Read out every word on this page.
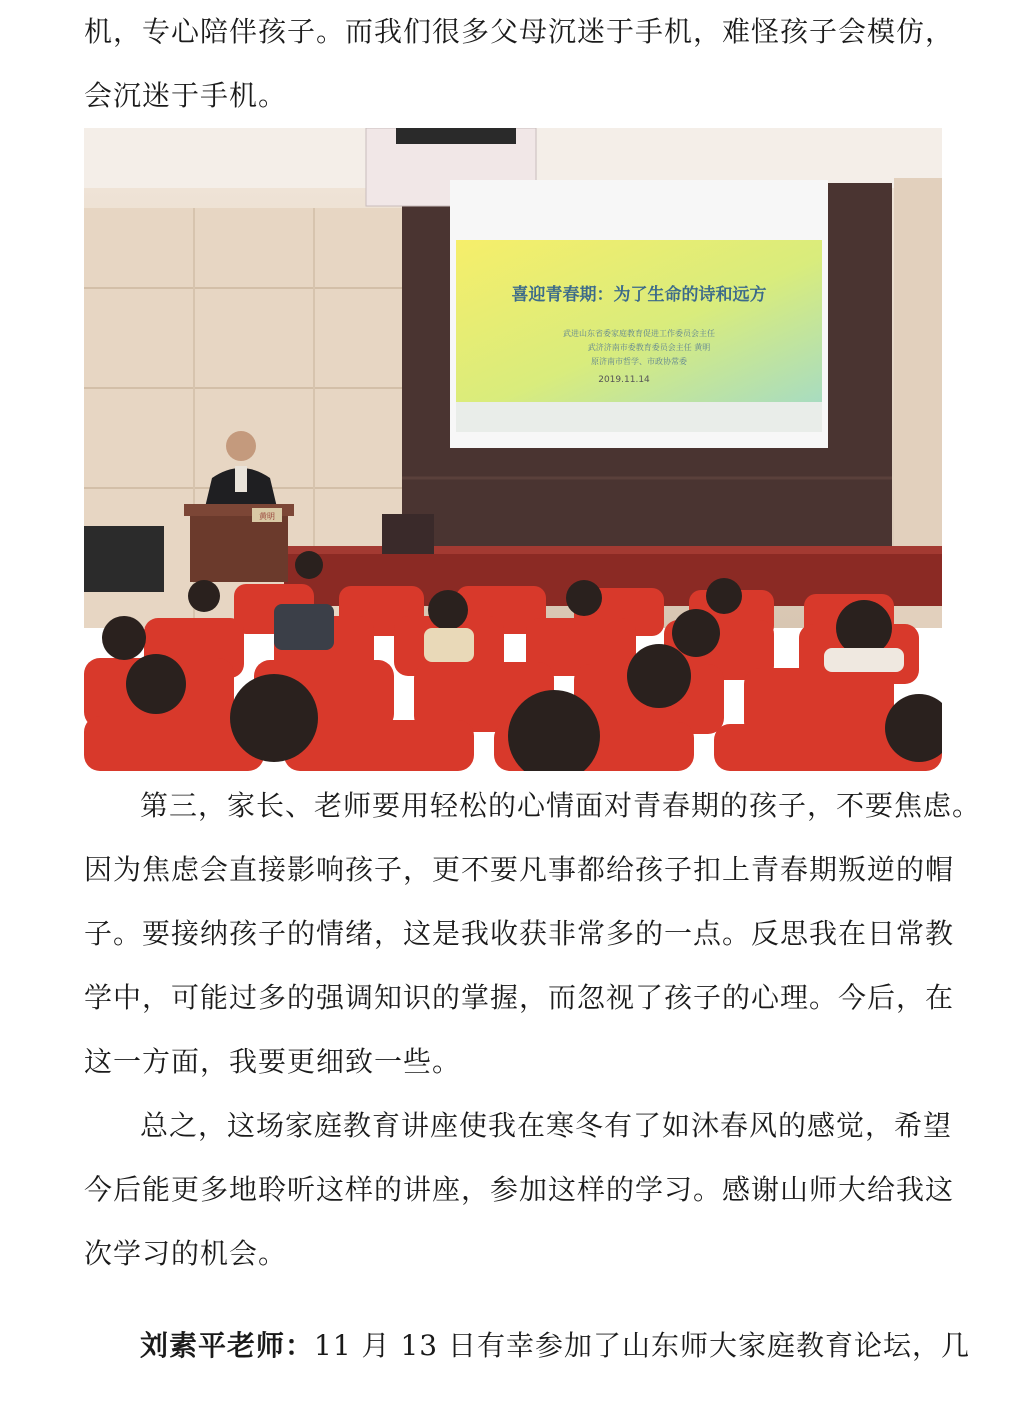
机，专心陪伴孩子。而我们很多父母沉迷于手机，难怪孩子会模仿，
会沉迷于手机。
喜迎青春期：为了生命的诗和远方
武进山东省委家庭教育促进工作委员会主任
武济济南市委教育委员会主任 黄明
原济南市哲学、市政协常委
2019.11.14
黄明
第三，家长、老师要用轻松的心情面对青春期的孩子，不要焦虑。
因为焦虑会直接影响孩子，更不要凡事都给孩子扣上青春期叛逆的帽
子。要接纳孩子的情绪，这是我收获非常多的一点。反思我在日常教
学中，可能过多的强调知识的掌握，而忽视了孩子的心理。今后，在
这一方面，我要更细致一些。
总之，这场家庭教育讲座使我在寒冬有了如沐春风的感觉，希望
今后能更多地聆听这样的讲座，参加这样的学习。感谢山师大给我这
次学习的机会。
刘素平老师：11 月 13 日有幸参加了山东师大家庭教育论坛，几
